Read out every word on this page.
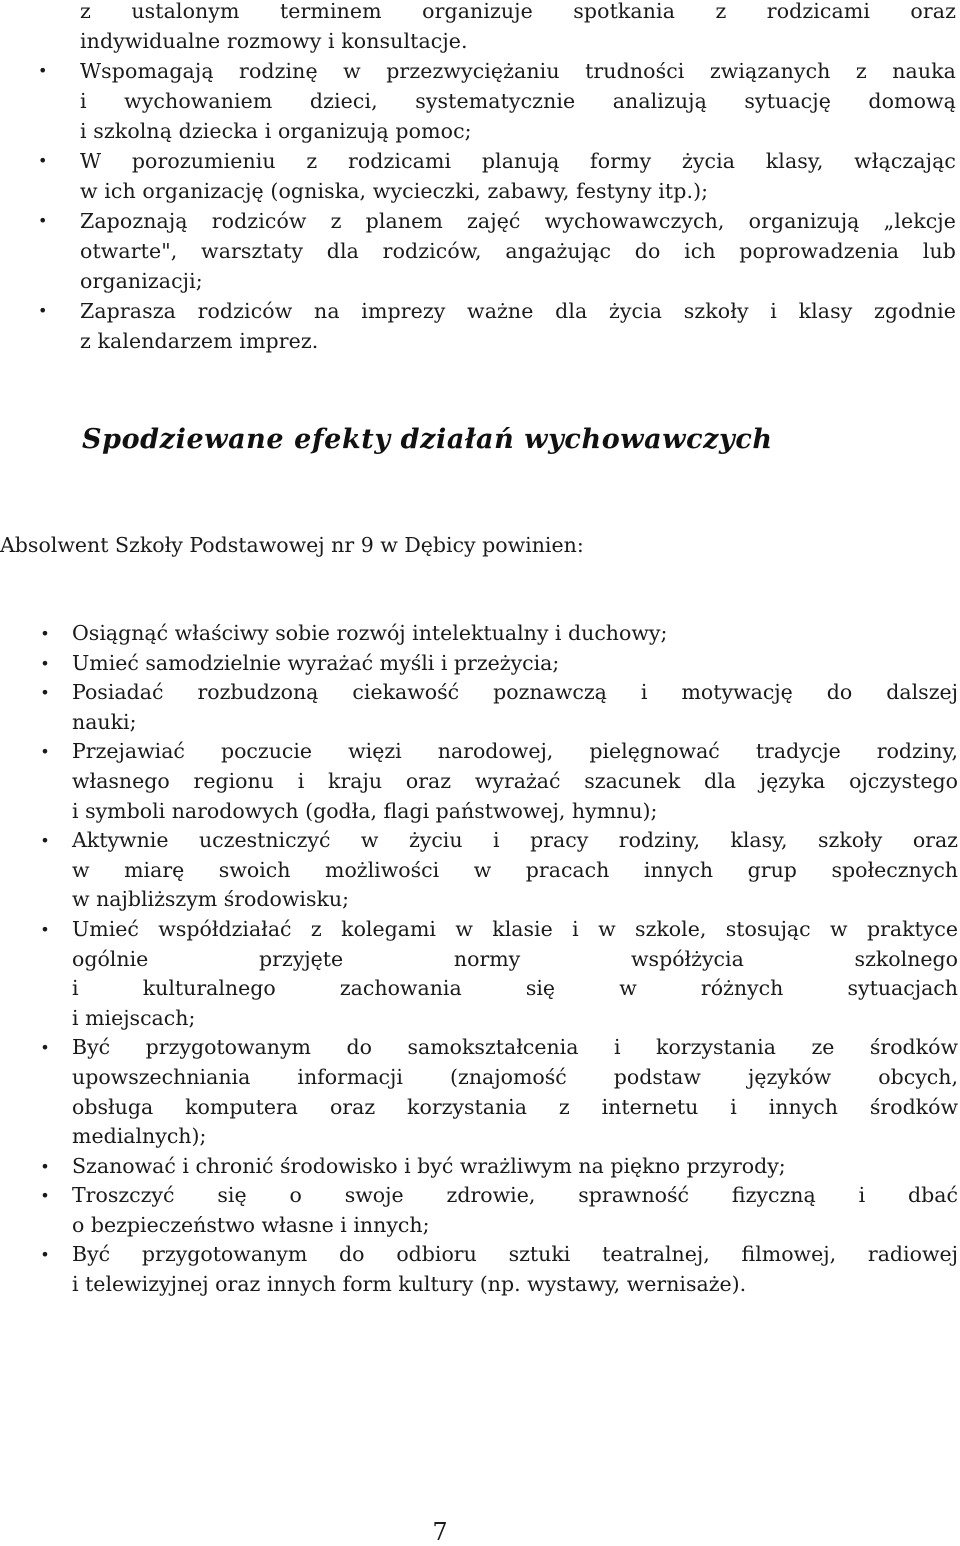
z ustalonym terminem organizuje spotkania z rodzicami oraz
indywidualne rozmowy i konsultacje.
• Wspomagają rodzinę w przezwyciężaniu trudności związanych z nauka
i wychowaniem dzieci, systematycznie analizują sytuację domową
i szkolną dziecka i organizują pomoc;
• W porozumieniu z rodzicami planują formy życia klasy, włączając
w ich organizację (ogniska, wycieczki, zabawy, festyny itp.);
• Zapoznają rodziców z planem zajęć wychowawczych, organizują „lekcje
otwarte", warsztaty dla rodziców, angażując do ich poprowadzenia lub
organizacji;
• Zaprasza rodziców na imprezy ważne dla życia szkoły i klasy zgodnie
z kalendarzem imprez.
Spodziewane efekty działań wychowawczych
Absolwent Szkoły Podstawowej nr 9 w Dębicy powinien:
• Osiągnąć właściwy sobie rozwój intelektualny i duchowy;
• Umieć samodzielnie wyrażać myśli i przeżycia;
• Posiadać rozbudzoną ciekawość poznawczą i motywację do dalszej
nauki;
• Przejawiać poczucie więzi narodowej, pielęgnować tradycje rodziny,
własnego regionu i kraju oraz wyrażać szacunek dla języka ojczystego
i symboli narodowych (godła, flagi państwowej, hymnu);
• Aktywnie uczestniczyć w życiu i pracy rodziny, klasy, szkoły oraz
w miarę swoich możliwości w pracach innych grup społecznych
w najbliższym środowisku;
• Umieć współdziałać z kolegami w klasie i w szkole, stosując w praktyce
ogólnie przyjęte normy współżycia szkolnego
i kulturalnego zachowania się w różnych sytuacjach
i miejscach;
• Być przygotowanym do samokształcenia i korzystania ze środków
upowszechniania informacji (znajomość podstaw języków obcych,
obsługa komputera oraz korzystania z internetu i innych środków
medialnych);
• Szanować i chronić środowisko i być wrażliwym na piękno przyrody;
• Troszczyć się o swoje zdrowie, sprawność fizyczną i dbać
o bezpieczeństwo własne i innych;
• Być przygotowanym do odbioru sztuki teatralnej, filmowej, radiowej
i telewizyjnej oraz innych form kultury (np. wystawy, wernisaże).
7
